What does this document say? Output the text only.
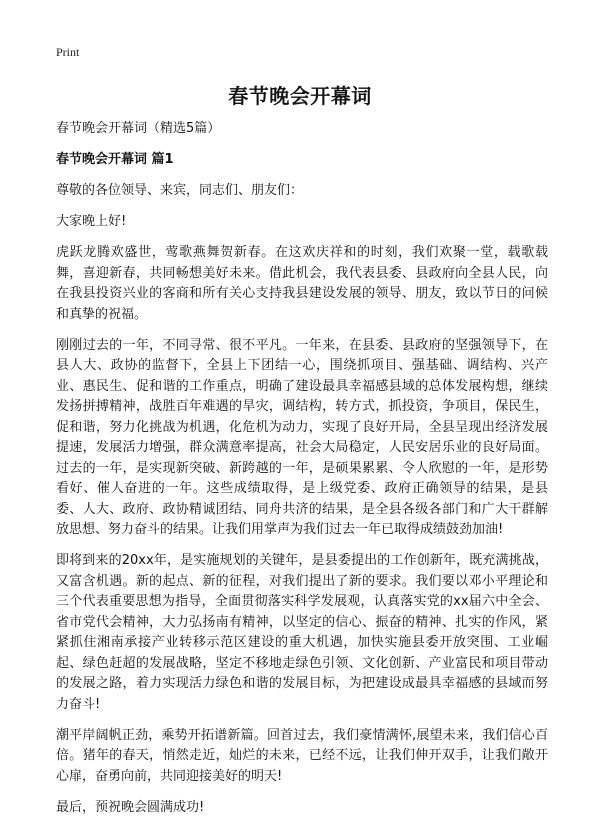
Print
春节晚会开幕词

春节晚会开幕词（精选5篇）

春节晚会开幕词 篇1

尊敬的各位领导、来宾，同志们、朋友们：

大家晚上好!

虎跃龙腾欢盛世，莺歌燕舞贺新春。在这欢庆祥和的时刻，我们欢聚一堂，载歌载舞，喜迎新春，共同畅想美好未来。借此机会，我代表县委、县政府向全县人民，向在我县投资兴业的客商和所有关心支持我县建设发展的领导、朋友，致以节日的问候和真挚的祝福。

刚刚过去的一年，不同寻常、很不平凡。一年来，在县委、县政府的坚强领导下，在县人大、政协的监督下，全县上下团结一心，围绕抓项目、强基础、调结构、兴产业、惠民生、促和谐的工作重点，明确了建设最具幸福感县域的总体发展构想，继续发扬拼搏精神，战胜百年难遇的旱灾，调结构，转方式，抓投资，争项目，保民生，促和谐，努力化挑战为机遇，化危机为动力，实现了良好开局，全县呈现出经济发展提速，发展活力增强，群众满意率提高，社会大局稳定，人民安居乐业的良好局面。 过去的一年，是实现新突破、新跨越的一年，是硕果累累、令人欣慰的一年，是形势看好、催人奋进的一年。这些成绩取得，是上级党委、政府正确领导的结果，是县委、人大、政府、政协精诚团结、同舟共济的结果，是全县各级各部门和广大干群解放思想、努力奋斗的结果。让我们用掌声为我们过去一年已取得成绩鼓劲加油!

即将到来的20xx年，是实施规划的关键年，是县委提出的工作创新年，既充满挑战，又富含机遇。新的起点、新的征程，对我们提出了新的要求。我们要以邓小平理论和三个代表重要思想为指导，全面贯彻落实科学发展观，认真落实党的xx届六中全会、省市党代会精神，大力弘扬南有精神，以坚定的信心、振奋的精神、扎实的作风，紧紧抓住湘南承接产业转移示范区建设的重大机遇，加快实施县委开放突围、工业崛起、绿色赶超的发展战略，坚定不移地走绿色引领、文化创新、产业富民和项目带动的发展之路，着力实现活力绿色和谐的发展目标，为把建设成最具幸福感的县域而努力奋斗!

潮平岸阔帆正劲，乘势开拓谱新篇。回首过去，我们豪情满怀,展望未来，我们信心百倍。猪年的春天，悄然走近，灿烂的未来，已经不远，让我们伸开双手，让我们敞开心扉，奋勇向前，共同迎接美好的明天!

最后，预祝晚会圆满成功!
